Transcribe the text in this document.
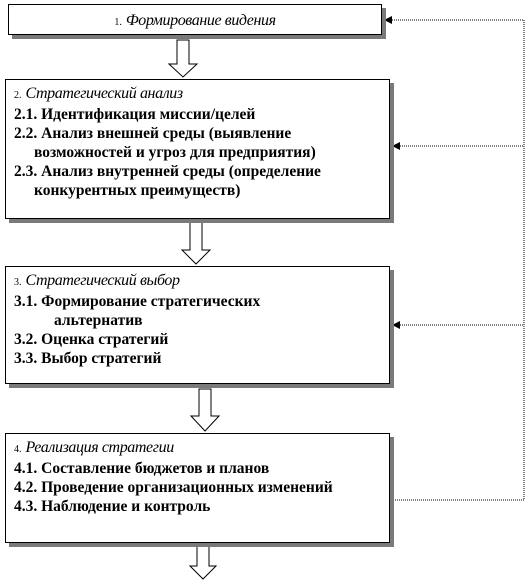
1. Формирование видения
2. Стратегический анализ
2.1. Идентификация миссии/целей
2.2. Анализ внешней среды (выявление
возможностей и угроз для предприятия)
2.3. Анализ внутренней среды (определение
конкурентных преимуществ)
3. Стратегический выбор
3.1. Формирование стратегических
альтернатив
3.2. Оценка стратегий
3.3. Выбор стратегий
4. Реализация стратегии
4.1. Составление бюджетов и планов
4.2. Проведение организационных изменений
4.3. Наблюдение и контроль
